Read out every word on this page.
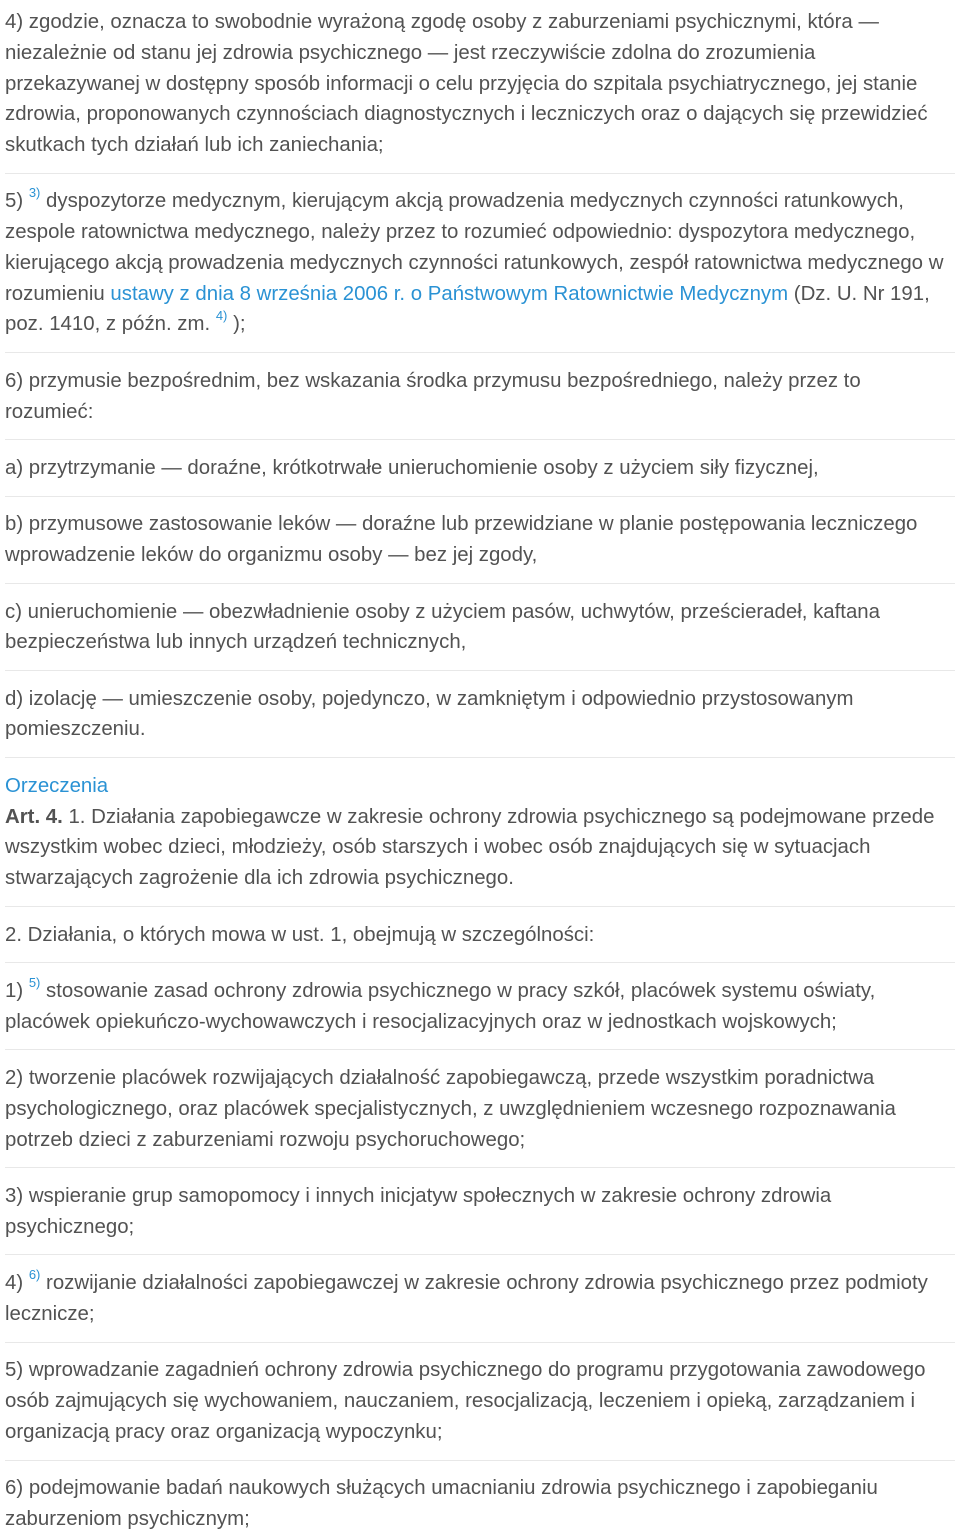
4) zgodzie, oznacza to swobodnie wyrażoną zgodę osoby z zaburzeniami psychicznymi, która —
niezależnie od stanu jej zdrowia psychicznego — jest rzeczywiście zdolna do zrozumienia
przekazywanej w dostępny sposób informacji o celu przyjęcia do szpitala psychiatrycznego, jej stanie
zdrowia, proponowanych czynnościach diagnostycznych i leczniczych oraz o dających się przewidzieć
skutkach tych działań lub ich zaniechania;
5) $^{3)}$ dyspozytorze medycznym, kierującym akcją prowadzenia medycznych czynności ratunkowych,
zespole ratownictwa medycznego, należy przez to rozumieć odpowiednio: dyspozytora medycznego,
kierującego akcją prowadzenia medycznych czynności ratunkowych, zespół ratownictwa medycznego w
rozumieniu ustawy z dnia 8 września 2006 r. o Państwowym Ratownictwie Medycznym (Dz. U. Nr 191,
poz. 1410, z późn. zm. $^{4)}$ );
6) przymusie bezpośrednim, bez wskazania środka przymusu bezpośredniego, należy przez to
rozumieć:
a) przytrzymanie — doraźne, krótkotrwałe unieruchomienie osoby z użyciem siły fizycznej,
b) przymusowe zastosowanie leków — doraźne lub przewidziane w planie postępowania leczniczego
wprowadzenie leków do organizmu osoby — bez jej zgody,
c) unieruchomienie — obezwładnienie osoby z użyciem pasów, uchwytów, prześcieradeł, kaftana
bezpieczeństwa lub innych urządzeń technicznych,
d) izolację — umieszczenie osoby, pojedynczo, w zamkniętym i odpowiednio przystosowanym
pomieszczeniu.
Orzeczenia
Art. 4. 1. Działania zapobiegawcze w zakresie ochrony zdrowia psychicznego są podejmowane przede
wszystkim wobec dzieci, młodzieży, osób starszych i wobec osób znajdujących się w sytuacjach
stwarzających zagrożenie dla ich zdrowia psychicznego.
2. Działania, o których mowa w ust. 1, obejmują w szczególności:
1) $^{5)}$ stosowanie zasad ochrony zdrowia psychicznego w pracy szkół, placówek systemu oświaty,
placówek opiekuńczo-wychowawczych i resocjalizacyjnych oraz w jednostkach wojskowych;
2) tworzenie placówek rozwijających działalność zapobiegawczą, przede wszystkim poradnictwa
psychologicznego, oraz placówek specjalistycznych, z uwzględnieniem wczesnego rozpoznawania
potrzeb dzieci z zaburzeniami rozwoju psychoruchowego;
3) wspieranie grup samopomocy i innych inicjatyw społecznych w zakresie ochrony zdrowia
psychicznego;
4) $^{6)}$ rozwijanie działalności zapobiegawczej w zakresie ochrony zdrowia psychicznego przez podmioty
lecznicze;
5) wprowadzanie zagadnień ochrony zdrowia psychicznego do programu przygotowania zawodowego
osób zajmujących się wychowaniem, nauczaniem, resocjalizacją, leczeniem i opieką, zarządzaniem i
organizacją pracy oraz organizacją wypoczynku;
6) podejmowanie badań naukowych służących umacnianiu zdrowia psychicznego i zapobieganiu
zaburzeniom psychicznym;
